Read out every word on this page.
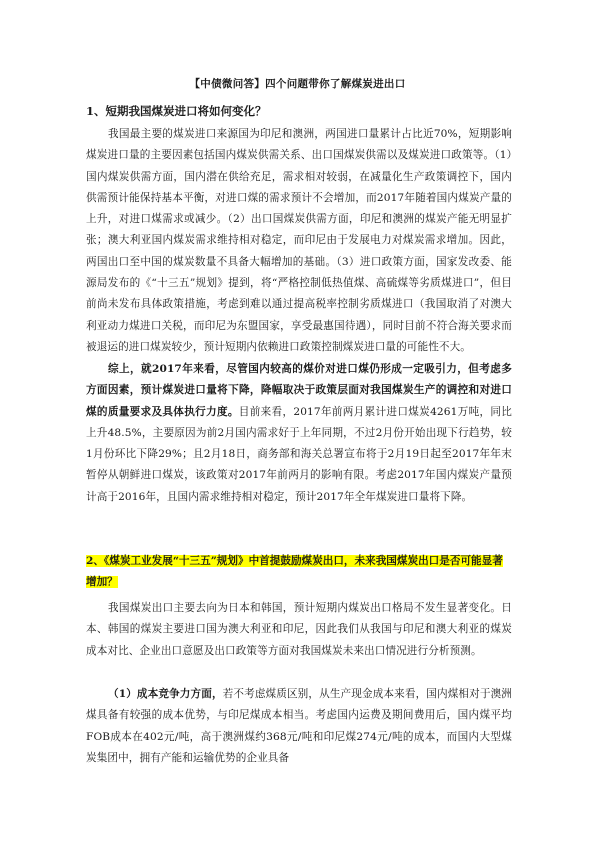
【中债微问答】四个问题带你了解煤炭进出口
1、短期我国煤炭进口将如何变化？
我国最主要的煤炭进口来源国为印尼和澳洲，两国进口量累计占比近70%，短期影响煤炭进口量的主要因素包括国内煤炭供需关系、出口国煤炭供需以及煤炭进口政策等。（1）国内煤炭供需方面，国内潜在供给充足，需求相对较弱，在减量化生产政策调控下，国内供需预计能保持基本平衡，对进口煤的需求预计不会增加，而2017年随着国内煤炭产量的上升，对进口煤需求或减少。（2）出口国煤炭供需方面，印尼和澳洲的煤炭产能无明显扩张；澳大利亚国内煤炭需求维持相对稳定，而印尼由于发展电力对煤炭需求增加。因此，两国出口至中国的煤炭数量不具备大幅增加的基础。（3）进口政策方面，国家发改委、能源局发布的《“十三五”规划》提到，将“严格控制低热值煤、高硫煤等劣质煤进口”，但目前尚未发布具体政策措施，考虑到难以通过提高税率控制劣质煤进口（我国取消了对澳大利亚动力煤进口关税，而印尼为东盟国家，享受最惠国待遇），同时目前不符合海关要求而被退运的进口煤炭较少，预计短期内依赖进口政策控制煤炭进口量的可能性不大。
综上，就2017年来看，尽管国内较高的煤价对进口煤仍形成一定吸引力，但考虑多方面因素，预计煤炭进口量将下降，降幅取决于政策层面对我国煤炭生产的调控和对进口煤的质量要求及具体执行力度。目前来看，2017年前两月累计进口煤炭4261万吨，同比上升48.5%，主要原因为前2月国内需求好于上年同期，不过2月份开始出现下行趋势，较1月份环比下降29%；且2月18日，商务部和海关总署宣布将于2月19日起至2017年年末暂停从朝鲜进口煤炭，该政策对2017年前两月的影响有限。考虑2017年国内煤炭产量预计高于2016年，且国内需求维持相对稳定，预计2017年全年煤炭进口量将下降。
2、《煤炭工业发展“十三五”规划》中首提鼓励煤炭出口，未来我国煤炭出口是否可能显著增加？
我国煤炭出口主要去向为日本和韩国，预计短期内煤炭出口格局不发生显著变化。日本、韩国的煤炭主要进口国为澳大利亚和印尼，因此我们从我国与印尼和澳大利亚的煤炭成本对比、企业出口意愿及出口政策等方面对我国煤炭未来出口情况进行分析预测。
（1）成本竞争力方面，若不考虑煤质区别，从生产现金成本来看，国内煤相对于澳洲煤具备有较强的成本优势，与印尼煤成本相当。考虑国内运费及期间费用后，国内煤平均FOB成本在402元/吨，高于澳洲煤约368元/吨和印尼煤274元/吨的成本，而国内大型煤炭集团中，拥有产能和运输优势的企业具备
